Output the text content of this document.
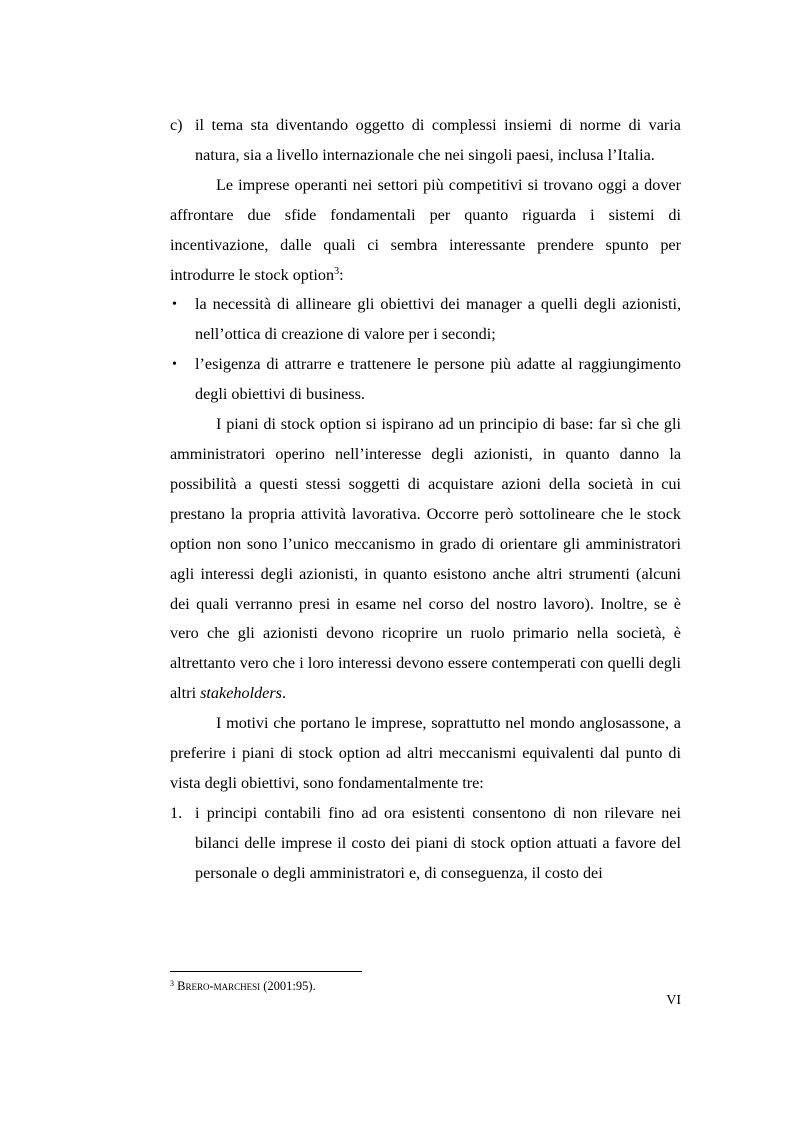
c) il tema sta diventando oggetto di complessi insiemi di norme di varia natura, sia a livello internazionale che nei singoli paesi, inclusa l’Italia.

Le imprese operanti nei settori più competitivi si trovano oggi a dover affrontare due sfide fondamentali per quanto riguarda i sistemi di incentivazione, dalle quali ci sembra interessante prendere spunto per introdurre le stock option$^3$:

• la necessità di allineare gli obiettivi dei manager a quelli degli azionisti, nell’ottica di creazione di valore per i secondi;
• l’esigenza di attrarre e trattenere le persone più adatte al raggiungimento degli obiettivi di business.

I piani di stock option si ispirano ad un principio di base: far sì che gli amministratori operino nell’interesse degli azionisti, in quanto danno la possibilità a questi stessi soggetti di acquistare azioni della società in cui prestano la propria attività lavorativa. Occorre però sottolineare che le stock option non sono l’unico meccanismo in grado di orientare gli amministratori agli interessi degli azionisti, in quanto esistono anche altri strumenti (alcuni dei quali verranno presi in esame nel corso del nostro lavoro). Inoltre, se è vero che gli azionisti devono ricoprire un ruolo primario nella società, è altrettanto vero che i loro interessi devono essere contemperati con quelli degli altri stakeholders.

I motivi che portano le imprese, soprattutto nel mondo anglosassone, a preferire i piani di stock option ad altri meccanismi equivalenti dal punto di vista degli obiettivi, sono fondamentalmente tre:

1. i principi contabili fino ad ora esistenti consentono di non rilevare nei bilanci delle imprese il costo dei piani di stock option attuati a favore del personale o degli amministratori e, di conseguenza, il costo dei
$^3$ Brero-marchesi (2001:95).
VI
